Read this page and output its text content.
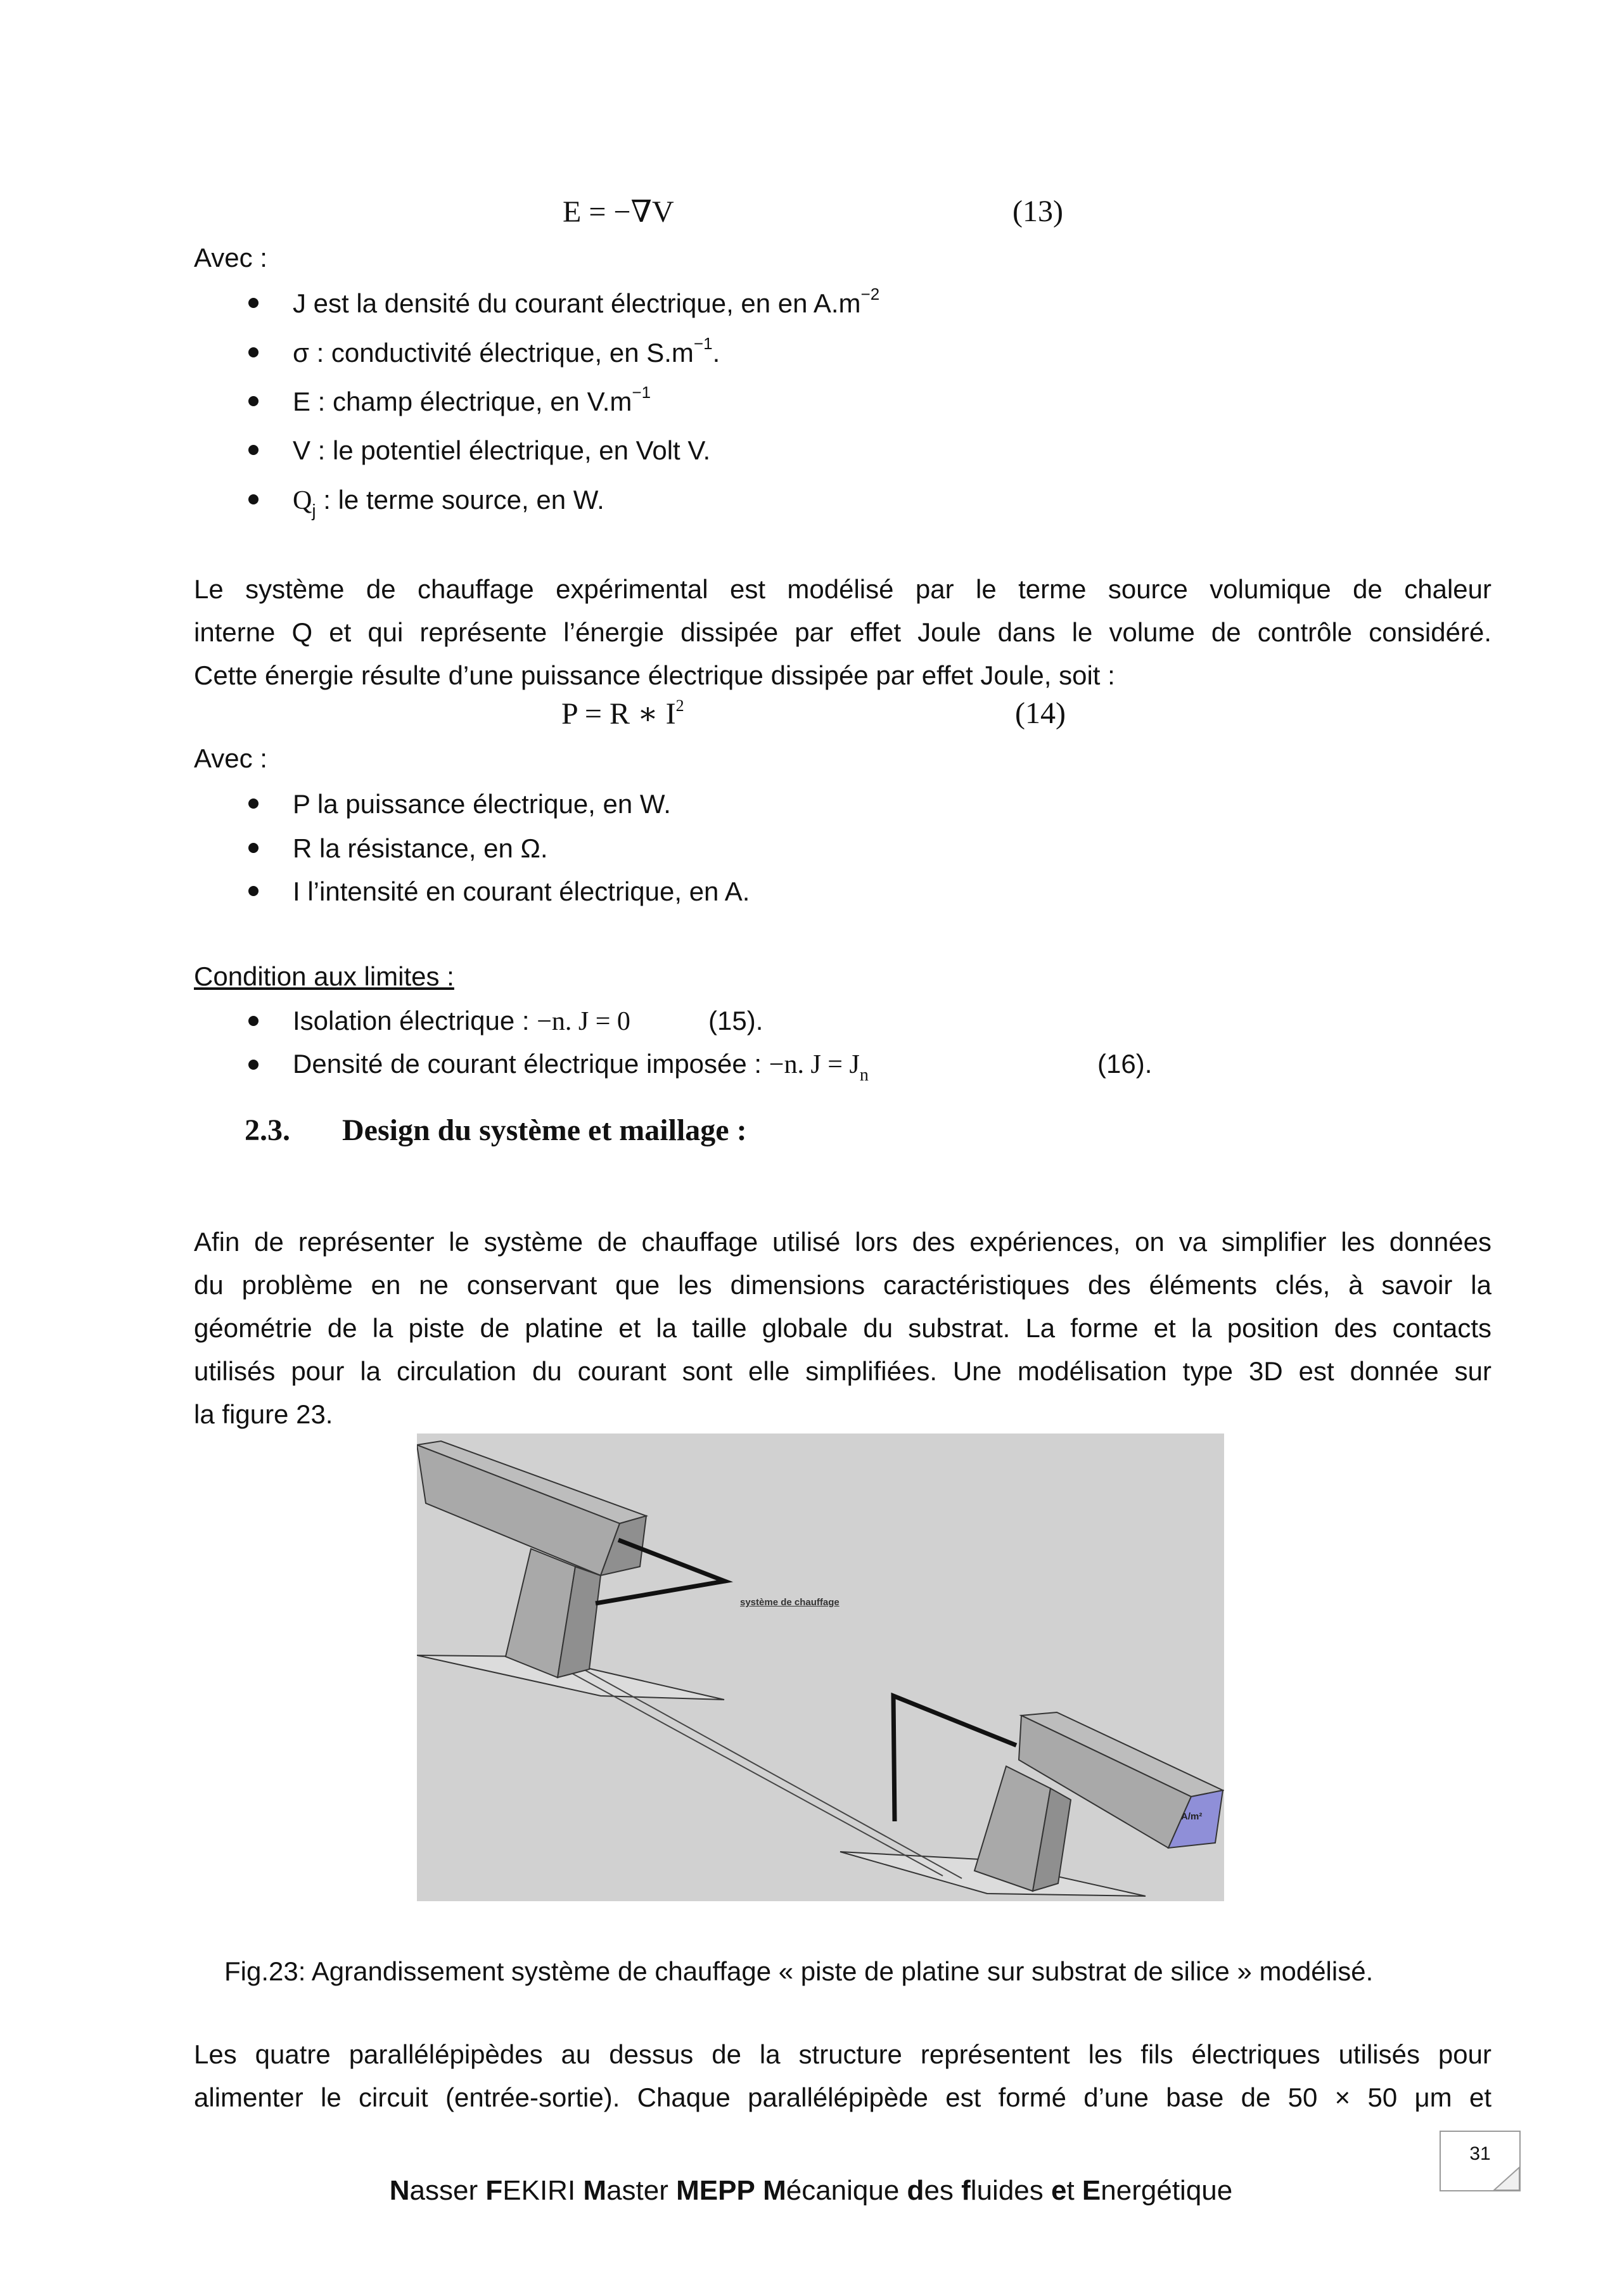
E = −∇V	(13)
Avec :
J est la densité du courant électrique, en en $A.m^{-2}$
σ : conductivité électrique, en $S.m^{-1}$.
E : champ électrique, en $V.m^{-1}$
V : le potentiel électrique, en Volt V.
$Q_j$ : le terme source, en W.
Le système de chauffage expérimental est modélisé par le terme source volumique de chaleur
interne Q et qui représente l’énergie dissipée par effet Joule dans le volume de contrôle considéré.
Cette énergie résulte d’une puissance électrique dissipée par effet Joule, soit :
P = R ∗ $I^2$	(14)
Avec :
P la puissance électrique, en W.
R la résistance, en Ω.
I l’intensité en courant électrique, en A.
Condition aux limites :
Isolation électrique : −n. J = 0	(15).
Densité de courant électrique imposée : −n. $J = J_n$	(16).
2.3. Design du système et maillage :
Afin de représenter le système de chauffage utilisé lors des expériences, on va simplifier les données
du problème en ne conservant que les dimensions caractéristiques des éléments clés, à savoir la
géométrie de la piste de platine et la taille globale du substrat. La forme et la position des contacts
utilisés pour la circulation du courant sont elle simplifiées. Une modélisation type 3D est donnée sur
la figure 23.
système de chauffage
A/m²
Fig.23: Agrandissement système de chauffage « piste de platine sur substrat de silice » modélisé.
Les quatre parallélépipèdes au dessus de la structure représentent les fils électriques utilisés pour
alimenter le circuit (entrée-sortie). Chaque parallélépipède est formé d’une base de 50 × 50 μm et
31
Nasser FEKIRI Master MEPP Mécanique des fluides et Energétique
